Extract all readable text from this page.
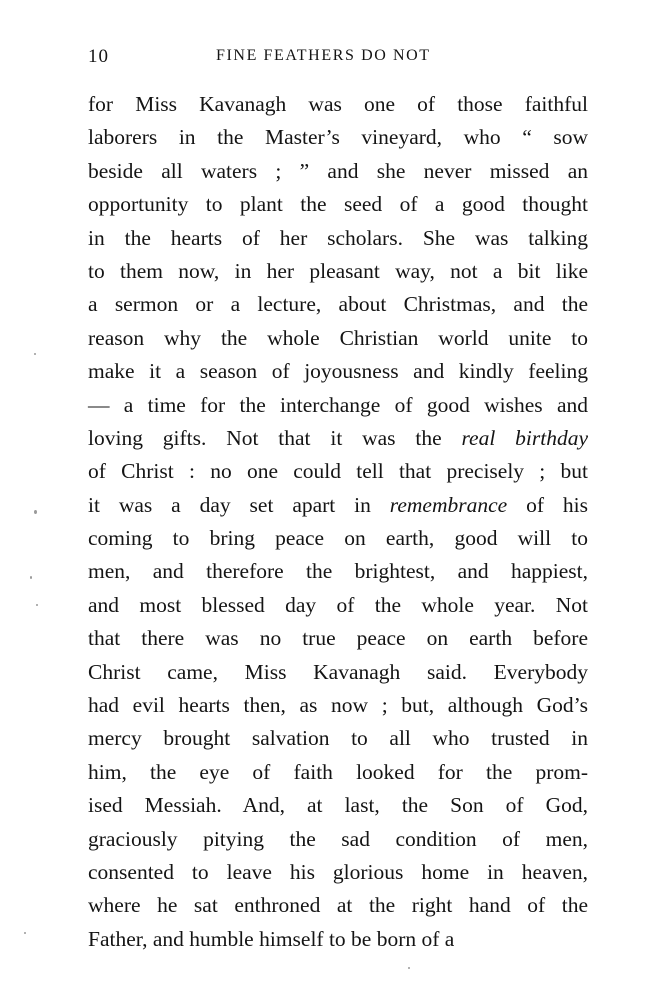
10	FINE FEATHERS DO NOT
for Miss Kavanagh was one of those faithful
laborers in the Master’s vineyard, who “ sow
beside all waters ; ” and she never missed an
opportunity to plant the seed of a good thought
in the hearts of her scholars. She was talking
to them now, in her pleasant way, not a bit like
a sermon or a lecture, about Christmas, and the
reason why the whole Christian world unite to
make it a season of joyousness and kindly feeling
— a time for the interchange of good wishes and
loving gifts. Not that it was the real birthday
of Christ : no one could tell that precisely ; but
it was a day set apart in remembrance of his
coming to bring peace on earth, good will to
men, and therefore the brightest, and happiest,
and most blessed day of the whole year. Not
that there was no true peace on earth before
Christ came, Miss Kavanagh said. Everybody
had evil hearts then, as now ; but, although God’s
mercy brought salvation to all who trusted in
him, the eye of faith looked for the prom-
ised Messiah. And, at last, the Son of God,
graciously pitying the sad condition of men,
consented to leave his glorious home in heaven,
where he sat enthroned at the right hand of the
Father, and humble himself to be born of a
